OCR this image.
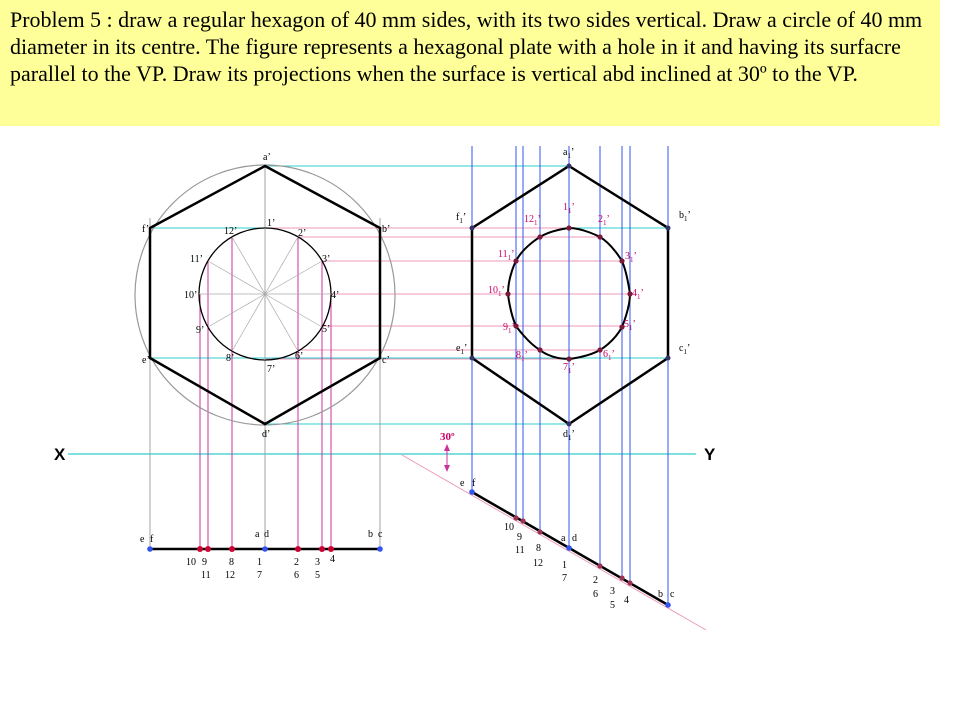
Problem 5 : draw a regular hexagon of 40 mm sides, with its two sides vertical. Draw a circle of 40 mm diameter in its centre. The figure represents a hexagonal plate with a hole in it and having its surfacre parallel to the VP. Draw its projections when the surface is vertical abd inclined at 30º to the VP.
a’
b’
c’
d’
e’
f’
1’
2’
3’
4’
5’
6’
7’
8’
9’
10’
11’
12’
X	Y
30º
e f	a d	b c
10 9
11
8
12
1
7
2
6
3
5
4
$a_1$’
$b_1$’
$c_1$’
$d_1$’
$e_1$’
$f_1$’
$1_1$’
$2_1$’
$3_1$’
$4_1$’
$5_1$’
$6_1$’
$7_1$’
$8_1$’
$9_1$’
$10_1$’
$11_1$’
$12_1$’
e f
a d
b c
10
9
11 8
12 1
7	2
6 3
5 4
